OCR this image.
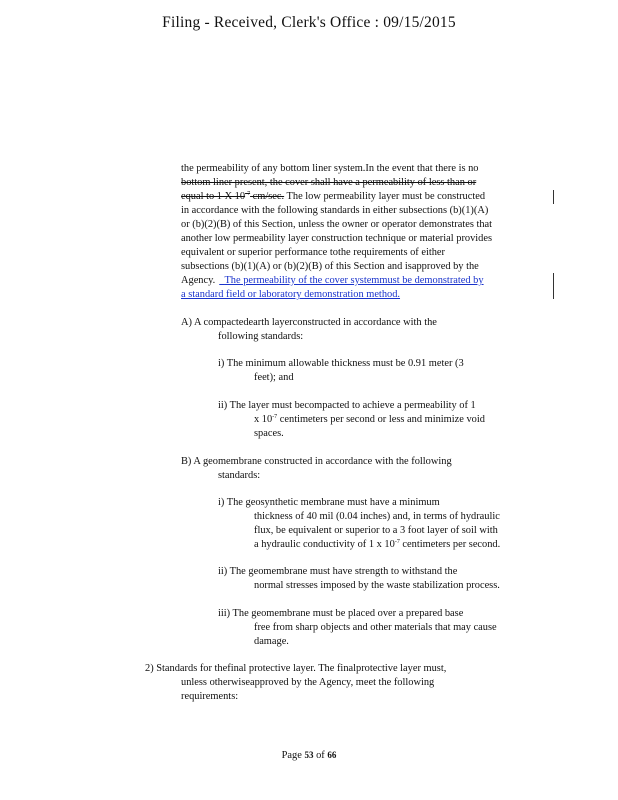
Filing - Received, Clerk's Office : 09/15/2015
the permeability of any bottom liner system.In the event that there is no
bottom liner present, the cover shall have a permeability of less than or
equal to 1 X $10^{-7}$ cm/sec. The low permeability layer must be constructed
in accordance with the following standards in either subsections (b)(1)(A)
or (b)(2)(B) of this Section, unless the owner or operator demonstrates that
another low permeability layer construction technique or material provides
equivalent or superior performance tothe requirements of either
subsections (b)(1)(A) or (b)(2)(B) of this Section and isapproved by the
Agency. The permeability of the cover systemmust be demonstrated by
a standard field or laboratory demonstration method.
A) A compactedearth layerconstructed in accordance with the
following standards:
i) The minimum allowable thickness must be 0.91 meter (3
feet); and
ii) The layer must becompacted to achieve a permeability of 1
x $10^{-7}$ centimeters per second or less and minimize void
spaces.
B) A geomembrane constructed in accordance with the following
standards:
i) The geosynthetic membrane must have a minimum
thickness of 40 mil (0.04 inches) and, in terms of hydraulic
flux, be equivalent or superior to a 3 foot layer of soil with
a hydraulic conductivity of 1 x $10^{-7}$ centimeters per second.
ii) The geomembrane must have strength to withstand the
normal stresses imposed by the waste stabilization process.
iii) The geomembrane must be placed over a prepared base
free from sharp objects and other materials that may cause
damage.
2) Standards for thefinal protective layer. The finalprotective layer must,
unless otherwiseapproved by the Agency, meet the following
requirements:
Page 53 of 66
